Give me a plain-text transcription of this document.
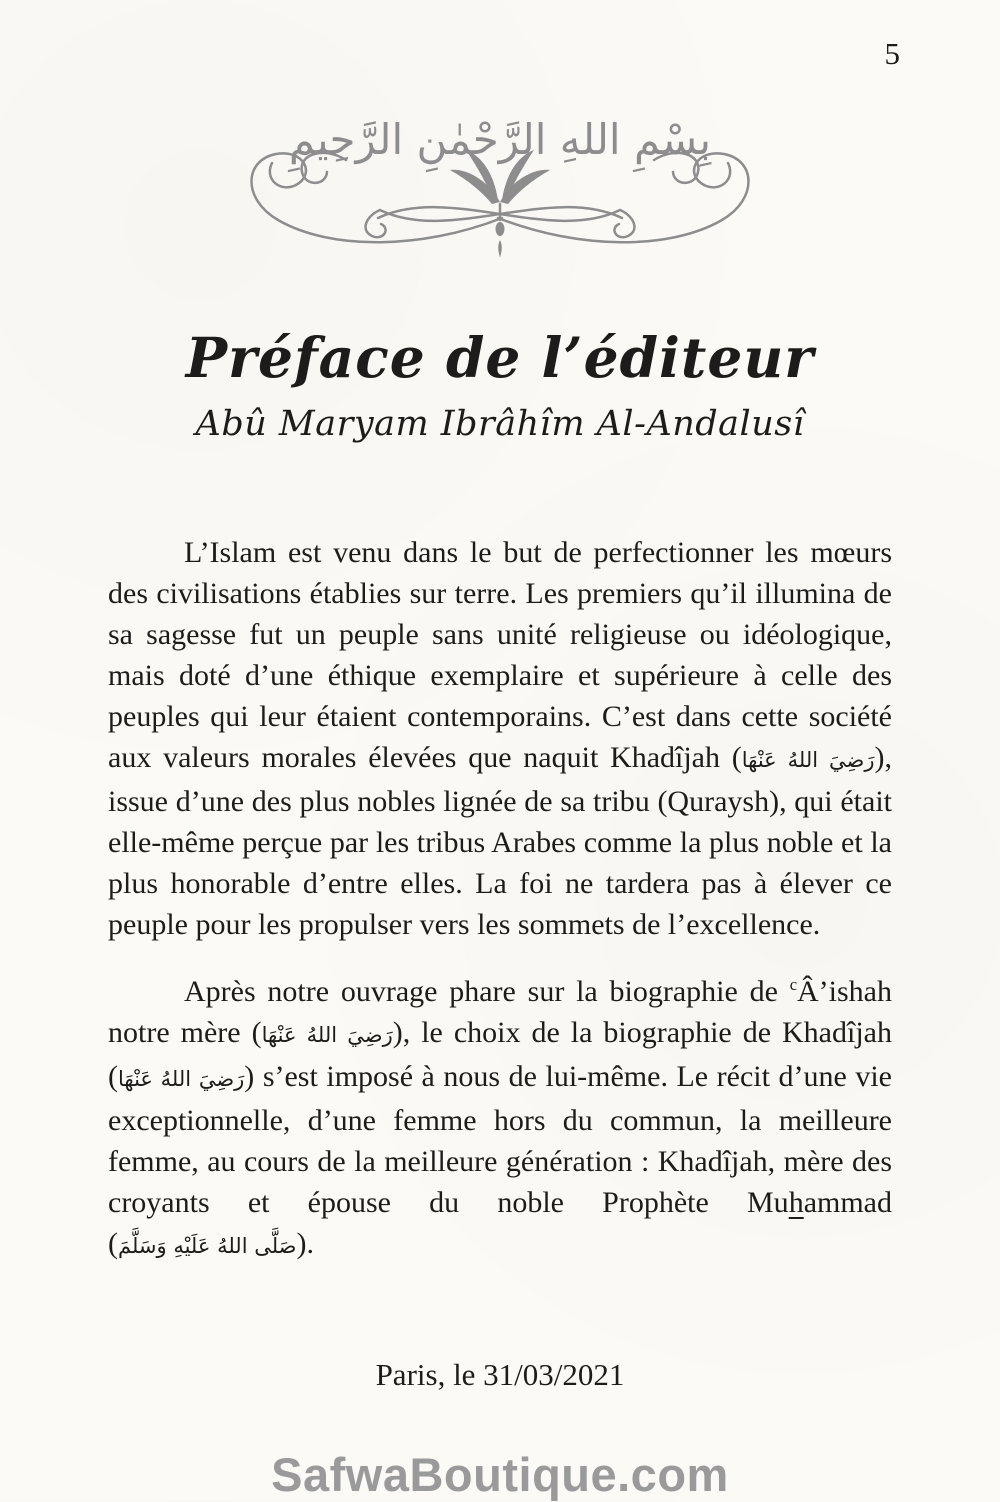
5
بِسْمِ اللهِ الرَّحْمٰنِ الرَّحِيمِ
Préface de l’éditeur
Abû Maryam Ibrâhîm Al-Andalusî

L’Islam est venu dans le but de perfectionner les mœurs des civilisations établies sur terre. Les premiers qu’il illumina de sa sagesse fut un peuple sans unité religieuse ou idéologique, mais doté d’une éthique exemplaire et supérieure à celle des peuples qui leur étaient contemporains. C’est dans cette société aux valeurs morales élevées que naquit Khadîjah (رَضِيَ اللهُ عَنْهَا), issue d’une des plus nobles lignée de sa tribu (Quraysh), qui était elle-même perçue par les tribus Arabes comme la plus noble et la plus honorable d’entre elles. La foi ne tardera pas à élever ce peuple pour les propulser vers les sommets de l’excellence.

Après notre ouvrage phare sur la biographie de $^c$Â’ishah notre mère (رَضِيَ اللهُ عَنْهَا), le choix de la biographie de Khadîjah (رَضِيَ اللهُ عَنْهَا) s’est imposé à nous de lui-même. Le récit d’une vie exceptionnelle, d’une femme hors du commun, la meilleure femme, au cours de la meilleure génération : Khadîjah, mère des croyants et épouse du noble Prophète Muhammad (صَلَّى اللهُ عَلَيْهِ وَسَلَّمَ).

Paris, le 31/03/2021
SafwaBoutique.com
